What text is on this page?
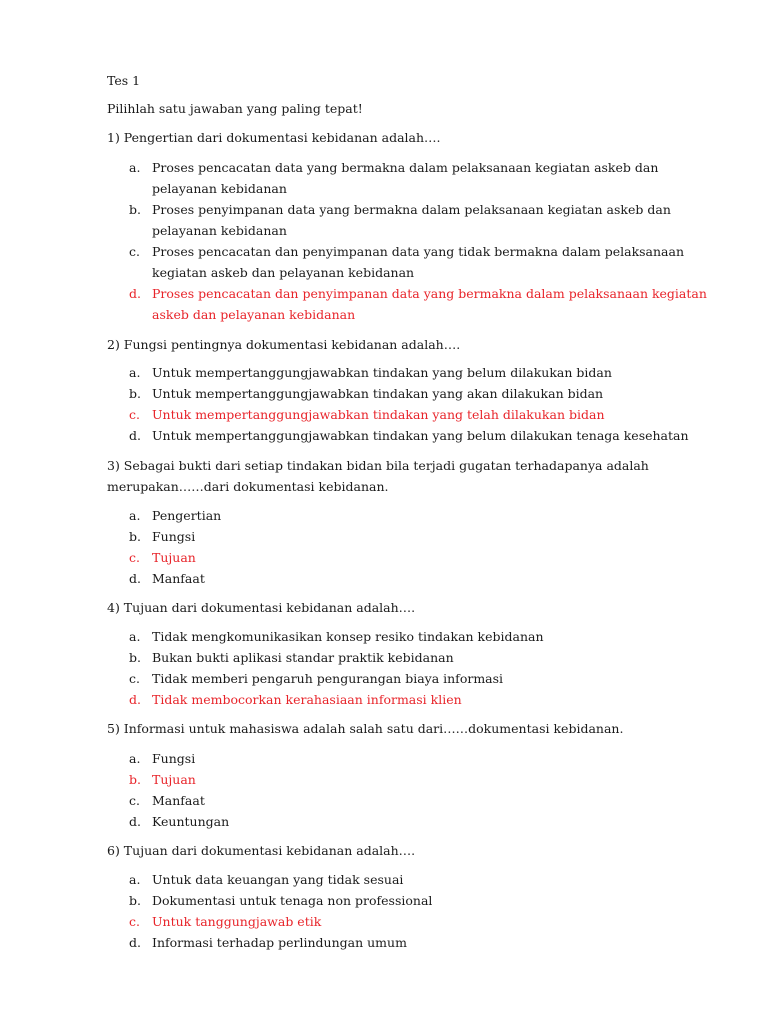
Tes 1
Pilihlah satu jawaban yang paling tepat!

1) Pengertian dari dokumentasi kebidanan adalah….

a. Proses pencacatan data yang bermakna dalam pelaksanaan kegiatan askeb dan pelayanan kebidanan
b. Proses penyimpanan data yang bermakna dalam pelaksanaan kegiatan askeb dan pelayanan kebidanan
c. Proses pencacatan dan penyimpanan data yang tidak bermakna dalam pelaksanaan kegiatan askeb dan pelayanan kebidanan
d. Proses pencacatan dan penyimpanan data yang bermakna dalam pelaksanaan kegiatan askeb dan pelayanan kebidanan

2) Fungsi pentingnya dokumentasi kebidanan adalah….

a. Untuk mempertanggungjawabkan tindakan yang belum dilakukan bidan
b. Untuk mempertanggungjawabkan tindakan yang akan dilakukan bidan
c. Untuk mempertanggungjawabkan tindakan yang telah dilakukan bidan
d. Untuk mempertanggungjawabkan tindakan yang belum dilakukan tenaga kesehatan

3) Sebagai bukti dari setiap tindakan bidan bila terjadi gugatan terhadapanya adalah merupakan……dari dokumentasi kebidanan.

a. Pengertian
b. Fungsi
c. Tujuan
d. Manfaat

4) Tujuan dari dokumentasi kebidanan adalah….

a. Tidak mengkomunikasikan konsep resiko tindakan kebidanan
b. Bukan bukti aplikasi standar praktik kebidanan
c. Tidak memberi pengaruh pengurangan biaya informasi
d. Tidak membocorkan kerahasiaan informasi klien

5) Informasi untuk mahasiswa adalah salah satu dari……dokumentasi kebidanan.

a. Fungsi
b. Tujuan
c. Manfaat
d. Keuntungan

6) Tujuan dari dokumentasi kebidanan adalah….

a. Untuk data keuangan yang tidak sesuai
b. Dokumentasi untuk tenaga non professional
c. Untuk tanggungjawab etik
d. Informasi terhadap perlindungan umum
